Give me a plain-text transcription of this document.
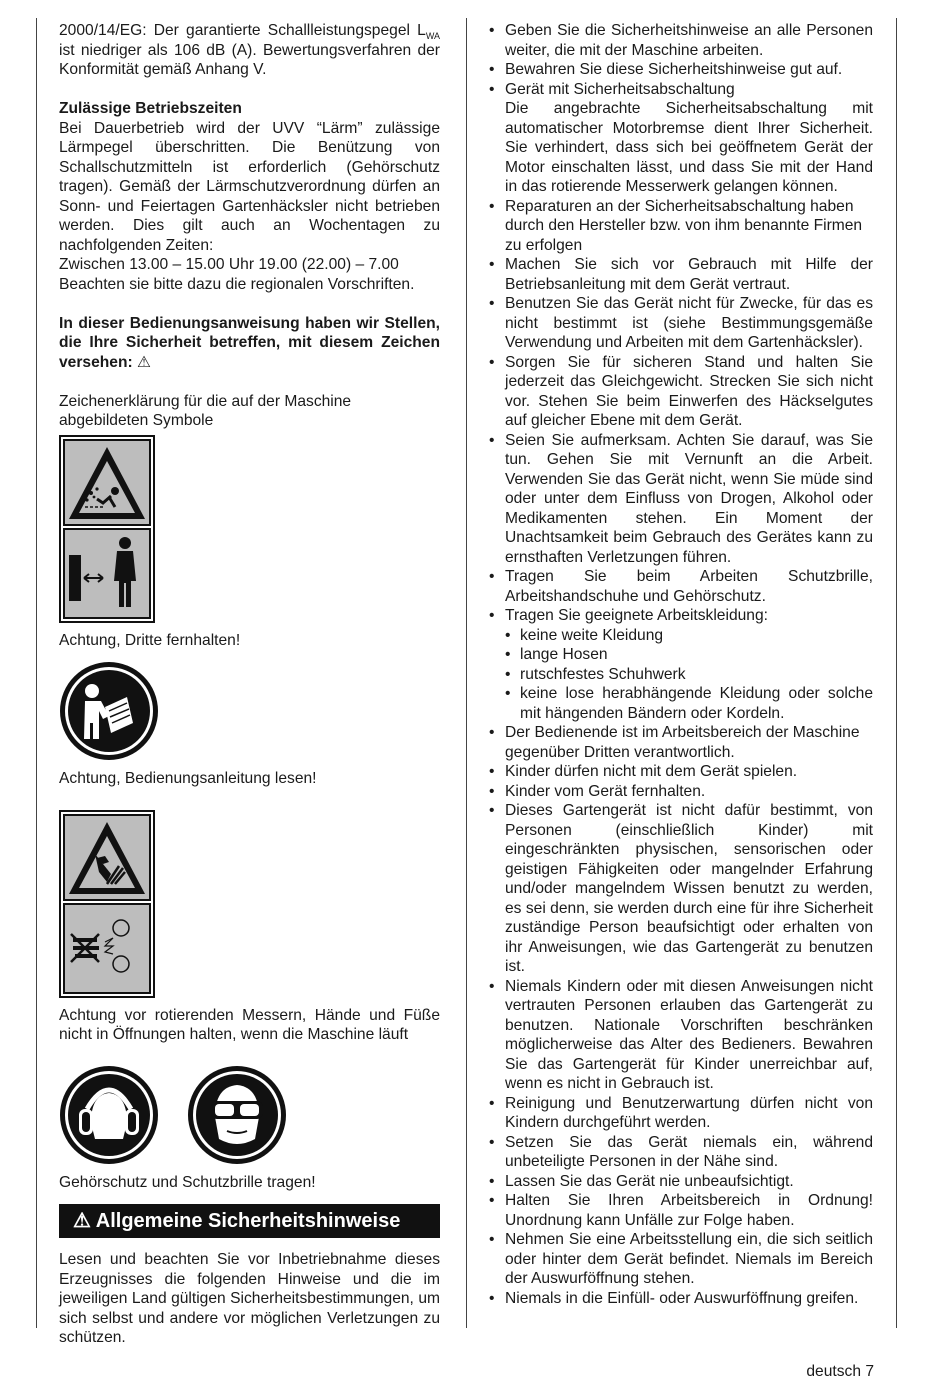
2000/14/EG: Der garantierte Schallleistungspegel $L_{WA}$ ist niedriger als 106 dB (A). Bewertungsverfahren der Konformität gemäß Anhang V.

Zulässige Betriebszeiten

Bei Dauerbetrieb wird der UVV “Lärm” zulässige Lärmpegel überschritten. Die Benützung von Schallschutzmitteln ist erforderlich (Gehörschutz tragen). Gemäß der Lärmschutzverordnung dürfen an Sonn- und Feiertagen Gartenhäcksler nicht betrieben werden. Dies gilt auch an Wochentagen zu nachfolgenden Zeiten:

Zwischen 13.00 – 15.00 Uhr 19.00 (22.00) – 7.00

Beachten sie bitte dazu die regionalen Vorschriften.

In dieser Bedienungsanweisung haben wir Stellen, die Ihre Sicherheit betreffen, mit diesem Zeichen versehen: ⚠

Zeichenerklärung für die auf der Maschine abgebildeten Symbole

Achtung, Dritte fernhalten!

Achtung, Bedienungsanleitung lesen!

Achtung vor rotierenden Messern, Hände und Füße nicht in Öffnungen halten, wenn die Maschine läuft

Gehörschutz und Schutzbrille tragen!

⚠ Allgemeine Sicherheitshinweise

Lesen und beachten Sie vor Inbetriebnahme dieses Erzeugnisses die folgenden Hinweise und die im jeweiligen Land gültigen Sicherheitsbestimmungen, um sich selbst und andere vor möglichen Verletzungen zu schützen.

• Geben Sie die Sicherheitshinweise an alle Personen weiter, die mit der Maschine arbeiten.
• Bewahren Sie diese Sicherheitshinweise gut auf.
• Gerät mit Sicherheitsabschaltung
Die angebrachte Sicherheitsabschaltung mit automatischer Motorbremse dient Ihrer Sicherheit. Sie verhindert, dass sich bei geöffnetem Gerät der Motor einschalten lässt, und dass Sie mit der Hand in das rotierende Messerwerk gelangen können.
• Reparaturen an der Sicherheitsabschaltung haben durch den Hersteller bzw. von ihm benannte Firmen zu erfolgen
• Machen Sie sich vor Gebrauch mit Hilfe der Betriebsanleitung mit dem Gerät vertraut.
• Benutzen Sie das Gerät nicht für Zwecke, für das es nicht bestimmt ist (siehe Bestimmungsgemäße Verwendung und Arbeiten mit dem Gartenhäcksler).
• Sorgen Sie für sicheren Stand und halten Sie jederzeit das Gleichgewicht. Strecken Sie sich nicht vor. Stehen Sie beim Einwerfen des Häckselgutes auf gleicher Ebene mit dem Gerät.
• Seien Sie aufmerksam. Achten Sie darauf, was Sie tun. Gehen Sie mit Vernunft an die Arbeit. Verwenden Sie das Gerät nicht, wenn Sie müde sind oder unter dem Einfluss von Drogen, Alkohol oder Medikamenten stehen. Ein Moment der Unachtsamkeit beim Gebrauch des Gerätes kann zu ernsthaften Verletzungen führen.
• Tragen Sie beim Arbeiten Schutzbrille, Arbeitshandschuhe und Gehörschutz.
• Tragen Sie geeignete Arbeitskleidung:
• keine weite Kleidung
• lange Hosen
• rutschfestes Schuhwerk
• keine lose herabhängende Kleidung oder solche mit hängenden Bändern oder Kordeln.
• Der Bedienende ist im Arbeitsbereich der Maschine gegenüber Dritten verantwortlich.
• Kinder dürfen nicht mit dem Gerät spielen.
• Kinder vom Gerät fernhalten.
• Dieses Gartengerät ist nicht dafür bestimmt, von Personen (einschließlich Kinder) mit eingeschränkten physischen, sensorischen oder geistigen Fähigkeiten oder mangelnder Erfahrung und/oder mangelndem Wissen benutzt zu werden, es sei denn, sie werden durch eine für ihre Sicherheit zuständige Person beaufsichtigt oder erhalten von ihr Anweisungen, wie das Gartengerät zu benutzen ist.
• Niemals Kindern oder mit diesen Anweisungen nicht vertrauten Personen erlauben das Gartengerät zu benutzen. Nationale Vorschriften beschränken möglicherweise das Alter des Bedieners. Bewahren Sie das Gartengerät für Kinder unerreichbar auf, wenn es nicht in Gebrauch ist.
• Reinigung und Benutzerwartung dürfen nicht von Kindern durchgeführt werden.
• Setzen Sie das Gerät niemals ein, während unbeteiligte Personen in der Nähe sind.
• Lassen Sie das Gerät nie unbeaufsichtigt.
• Halten Sie Ihren Arbeitsbereich in Ordnung! Unordnung kann Unfälle zur Folge haben.
• Nehmen Sie eine Arbeitsstellung ein, die sich seitlich oder hinter dem Gerät befindet. Niemals im Bereich der Auswurföffnung stehen.
• Niemals in die Einfüll- oder Auswurföffnung greifen.
deutsch 7
